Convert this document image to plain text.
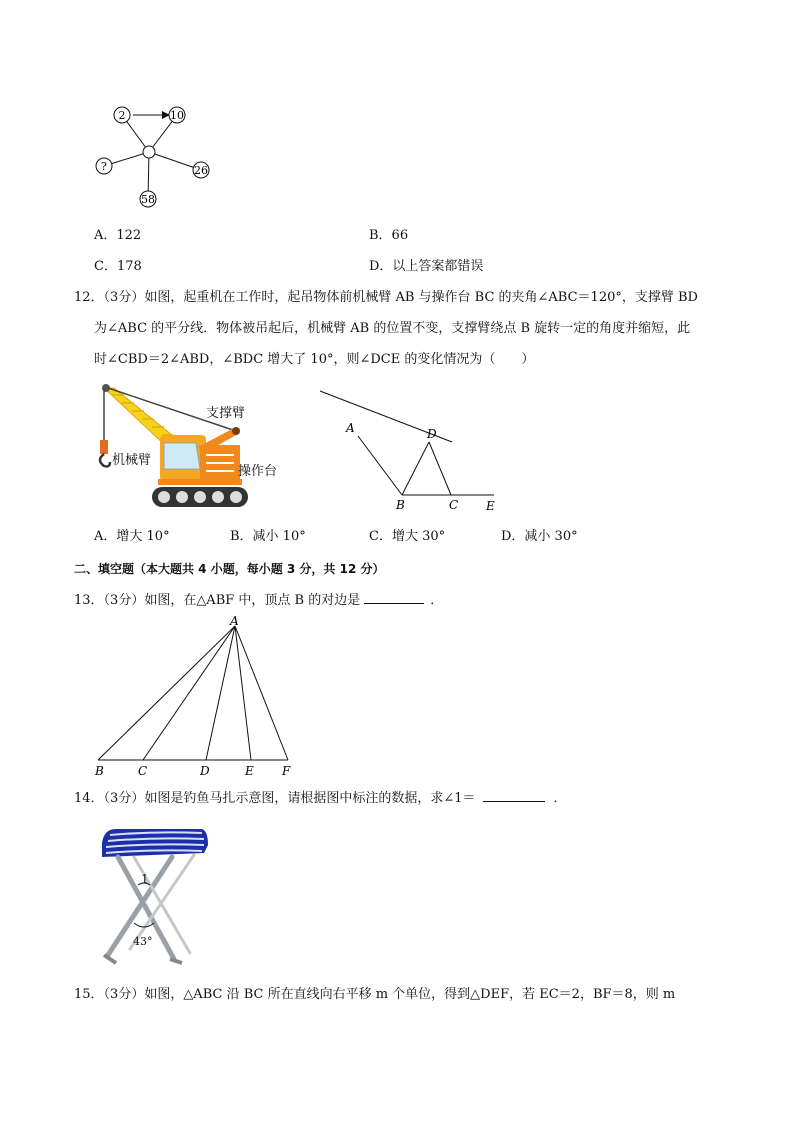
2	10
?	26
58
A．122	B．66
C．178	D．以上答案都错误
12．（3分）如图，起重机在工作时，起吊物体前机械臂 AB 与操作台 BC 的夹角∠ABC＝120°，支撑臂 BD
为∠ABC 的平分线．物体被吊起后，机械臂 AB 的位置不变，支撑臂绕点 B 旋转一定的角度并缩短，此
时∠CBD＝2∠ABD，∠BDC 增大了 10°，则∠DCE 的变化情况为（　　）
支撑臂
机械臂
操作台
A	D
B	C E
A．增大 10°	B．减小 10°	C．增大 30°	D．减小 30°
二、填空题（本大题共 4 小题，每小题 3 分，共 12 分）
13．（3分）如图，在△ABF 中，顶点 B 的对边是	．
A
B	C	D	E F
14．（3分）如图是钓鱼马扎示意图，请根据图中标注的数据，求∠1＝	．
1
43°
15．（3分）如图，△ABC 沿 BC 所在直线向右平移 m 个单位，得到△DEF，若 EC＝2，BF＝8，则 m
